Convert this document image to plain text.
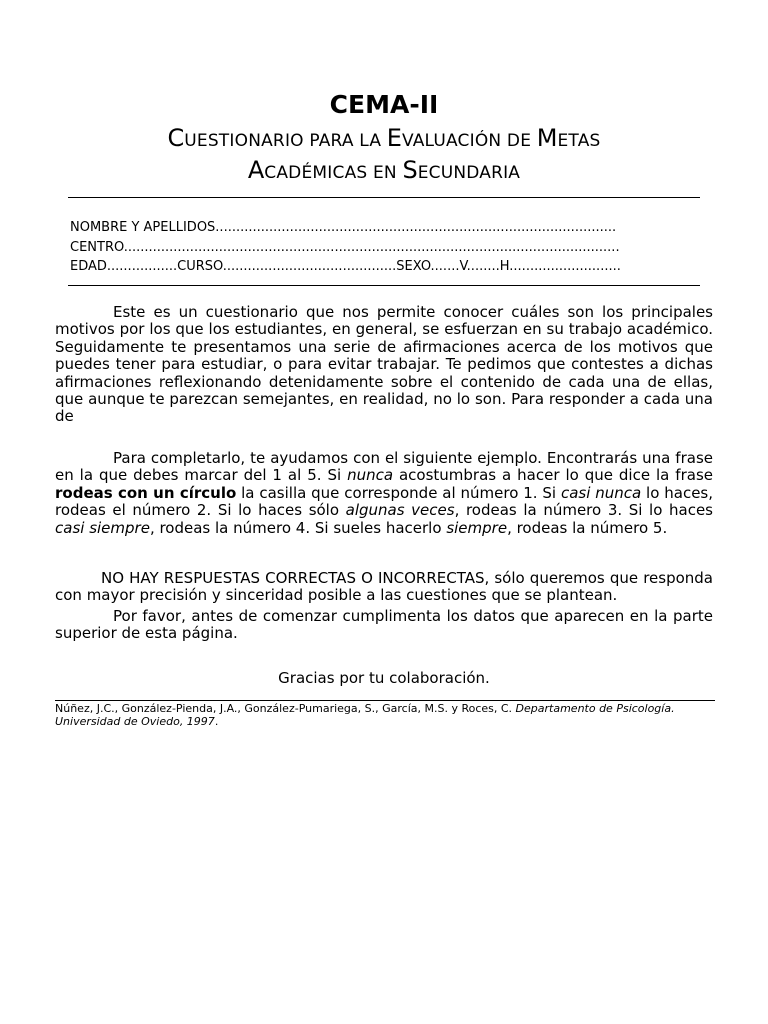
CEMA-II
CUESTIONARIO PARA LA EVALUACIÓN DE METAS
ACADÉMICAS EN SECUNDARIA
NOMBRE Y APELLIDOS.................................................................................................
CENTRO........................................................................................................................
EDAD.................CURSO..........................................SEXO.......V........H...........................

Este es un cuestionario que nos permite conocer cuáles son los principales motivos por los que los estudiantes, en general, se esfuerzan en su trabajo académico. Seguidamente te presentamos una serie de afirmaciones acerca de los motivos que puedes tener para estudiar, o para evitar trabajar. Te pedimos que contestes a dichas afirmaciones reflexionando detenidamente sobre el contenido de cada una de ellas, que aunque te parezcan semejantes, en realidad, no lo son. Para responder a cada una de

Para completarlo, te ayudamos con el siguiente ejemplo. Encontrarás una frase en la que debes marcar del 1 al 5. Si nunca acostumbras a hacer lo que dice la frase rodeas con un círculo la casilla que corresponde al número 1. Si casi nunca lo haces, rodeas el número 2. Si lo haces sólo algunas veces, rodeas la número 3. Si lo haces casi siempre, rodeas la número 4. Si sueles hacerlo siempre, rodeas la número 5.

NO HAY RESPUESTAS CORRECTAS O INCORRECTAS, sólo queremos que responda con mayor precisión y sinceridad posible a las cuestiones que se plantean.

Por favor, antes de comenzar cumplimenta los datos que aparecen en la parte superior de esta página.

Gracias por tu colaboración.
Núñez, J.C., González-Pienda, J.A., González-Pumariega, S., García, M.S. y Roces, C. Departamento de Psicología. Universidad de Oviedo, 1997.
